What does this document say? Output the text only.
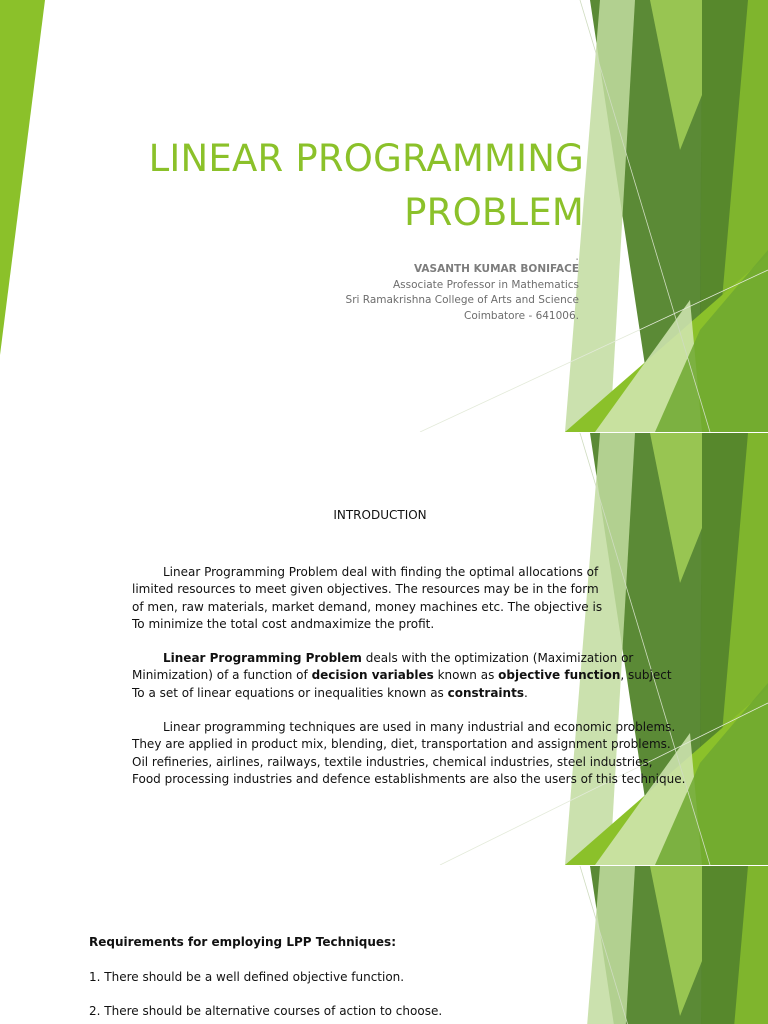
LINEAR PROGRAMMING
PROBLEM
▪
VASANTH KUMAR BONIFACE
Associate Professor in Mathematics
Sri Ramakrishna College of Arts and Science
Coimbatore - 641006.
INTRODUCTION

Linear Programming Problem deal with finding the optimal allocations of
limited resources to meet given objectives. The resources may be in the form
of men, raw materials, market demand, money machines etc. The objective is
To minimize the total cost andmaximize the profit.

Linear Programming Problem deals with the optimization (Maximization or
Minimization) of a function of decision variables known as objective function, subject
To a set of linear equations or inequalities known as constraints.

Linear programming techniques are used in many industrial and economic problems.
They are applied in product mix, blending, diet, transportation and assignment problems.
Oil refineries, airlines, railways, textile industries, chemical industries, steel industries,
Food processing industries and defence establishments are also the users of this technique.

Requirements for employing LPP Techniques:

1. There should be a well defined objective function.

2. There should be alternative courses of action to choose.
